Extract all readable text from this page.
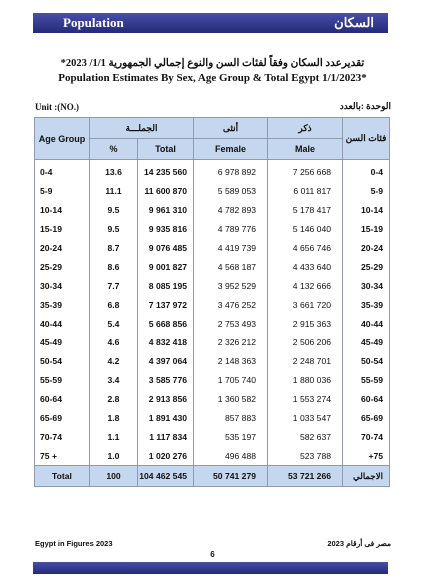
Population	السكان
تقديرعدد السكان وفقاً لفئات السن والنوع إجمالي الجمهورية 1/1/ 2023*
Population Estimates By Sex, Age Group & Total Egypt 1/1/2023*
Unit :(NO.)	الوحدة :بالعدد
Age Group	الجملـــة		أنثى	ذكر	فئات السن
	%	Total	Female	Male	
0-4	13.6	14 235 560	6 978 892	7 256 668	0-4
5-9	11.1	11 600 870	5 589 053	6 011 817	5-9
10-14	9.5	9 961 310	4 782 893	5 178 417	10-14
15-19	9.5	9 935 816	4 789 776	5 146 040	15-19
20-24	8.7	9 076 485	4 419 739	4 656 746	20-24
25-29	8.6	9 001 827	4 568 187	4 433 640	25-29
30-34	7.7	8 085 195	3 952 529	4 132 666	30-34
35-39	6.8	7 137 972	3 476 252	3 661 720	35-39
40-44	5.4	5 668 856	2 753 493	2 915 363	40-44
45-49	4.6	4 832 418	2 326 212	2 506 206	45-49
50-54	4.2	4 397 064	2 148 363	2 248 701	50-54
55-59	3.4	3 585 776	1 705 740	1 880 036	55-59
60-64	2.8	2 913 856	1 360 582	1 553 274	60-64
65-69	1.8	1 891 430	857 883	1 033 547	65-69
70-74	1.1	1 117 834	535 197	582 637	70-74
75 +	1.0	1 020 276	496 488	523 788	+75
Total	100	104 462 545	50 741 279	53 721 266	الاجمالي
Egypt in Figures 2023	مصر فى أرقام 2023
6
